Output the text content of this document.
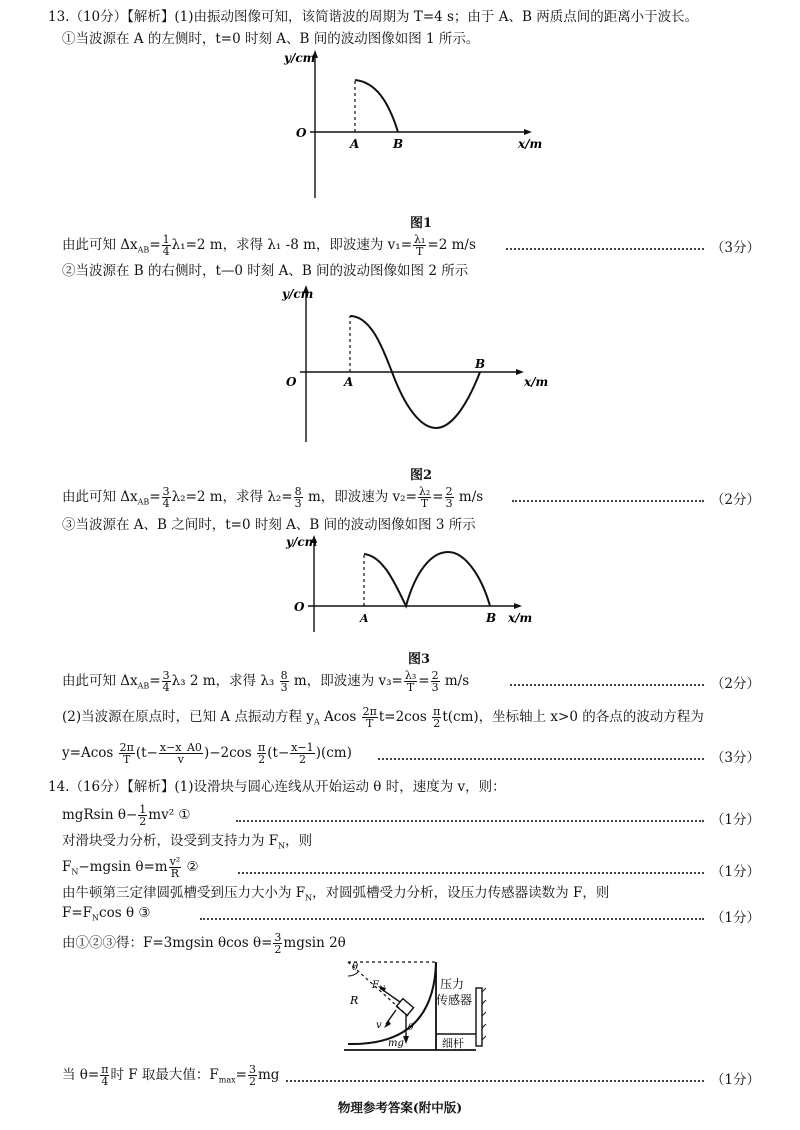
13.（10分）【解析】(1)由振动图像可知，该简谐波的周期为 T=4 s；由于 A、B 两质点间的距离小于波长。
①当波源在 A 的左侧时，t=0 时刻 A、B 间的波动图像如图 1 所示。
y/cm
O
A	B	x/m
图1
由此可知 $\Delta x_{AB}= \frac{1}{4} \lambda_1=2$ m，求得 λ₁ -8 m，即波速为 $v_1= \frac{\text{λ₁}}{T} =2$ m/s	（3分）
②当波源在 B 的右侧时，t—0 时刻 A、B 间的波动图像如图 2 所示
y/cm
O	A
B
x/m
图2
由此可知 $\Delta x_{AB}= \frac{3}{4} \lambda_2=2$ m，求得 $\lambda_2= \frac{8}{3}$ m，即波速为 $v_2= \frac{\text{λ₂}}{T} = \frac{2}{3} m/s$	（2分）
③当波源在 A、B 之间时，t=0 时刻 A、B 间的波动图像如图 3 所示
y/cm
O
A	B x/m
图3
由此可知 $\Delta x_{AB}= \frac{3}{4} \lambda_3$ 2 m，求得 $\lambda_3 \frac{8}{3}$ m，即波速为 $v_3= \frac{\text{λ₃}}{T} = \frac{2}{3} m/s$	（2分）
(2)当波源在原点时，已知 A 点振动方程 $y_A$ Acos $\frac{2\pi}{T} t=2\cos \frac{\pi}{2} t(cm)$，坐标轴上 x>0 的各点的波动方程为
$y=Acos \frac{2\pi}{T} (t- \frac{x-x\_A0}{v} )-2\cos \frac{\pi}{2} (t- \frac{x-1}{2} )(cm)$	（3分）
14.（16分）【解析】(1)设滑块与圆心连线从开始运动 θ 时，速度为 v，则：
mgRsin $\theta- \frac{1}{2} mv^2$ ①	（1分）
对滑块受力分析，设受到支持力为 $F_N$，则
$F_N-mgsin$ $\theta=m \frac{\text{v²}}{R}$ ②	（1分）
由牛顿第三定律圆弧槽受到压力大小为 $F_N$，对圆弧槽受力分析，设压力传感器读数为 F，则
$F=F_N\cos$ θ ③	（1分）
由①②③得：F=3mgsin θcos $\theta= \frac{3}{2}$ mgsin 2θ
θ
R
$F_N$
v
mg
θ
压力
传感器
细杆
当 $\theta= \frac{\pi}{4}$ 时 F 取最大值：$F_{max}= \frac{3}{2}$ mg	（1分）
物理参考答案(附中版)
